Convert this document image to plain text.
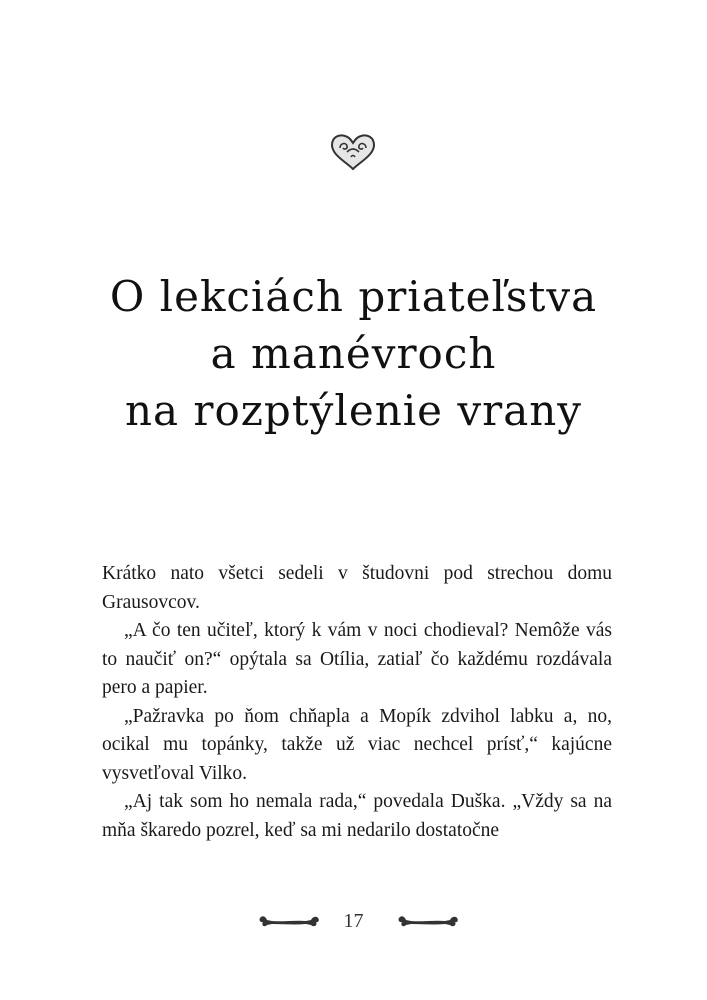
O lekciách priateľstva
a manévroch
na rozptýlenie vrany

Krátko nato všetci sedeli v študovni pod strechou domu Grausovcov.

„A čo ten učiteľ, ktorý k vám v noci chodieval? Nemôže vás to naučiť on?“ opýtala sa Otília, zatiaľ čo každému rozdávala pero a papier.

„Pažravka po ňom chňapla a Mopík zdvihol labku a, no, ocikal mu topánky, takže už viac nechcel prísť,“ kajúcne vysvetľoval Vilko.

„Aj tak som ho nemala rada,“ povedala Duška. „Vždy sa na mňa škaredo pozrel, keď sa mi nedarilo dostatočne

17
